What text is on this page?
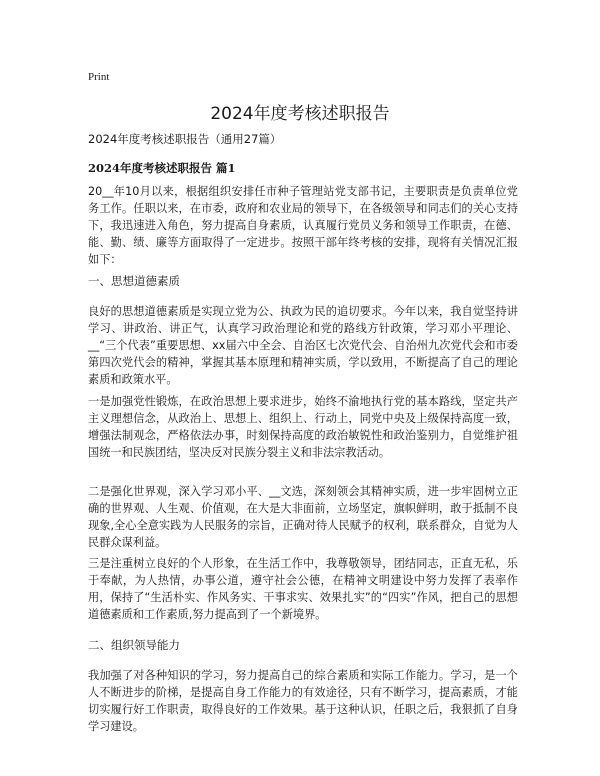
Print
2024年度考核述职报告

2024年度考核述职报告（通用27篇）

2024年度考核述职报告 篇1

20__年10月以来，根据组织安排任市种子管理站党支部书记，主要职责是负责单位党务工作。任职以来，在市委，政府和农业局的领导下，在各级领导和同志们的关心支持下，我迅速进入角色，努力提高自身素质，认真履行党员义务和领导工作职责，在德、能、勤、绩、廉等方面取得了一定进步。按照干部年终考核的安排，现将有关情况汇报如下：

一、思想道德素质

良好的思想道德素质是实现立党为公、执政为民的追切要求。今年以来，我自觉坚持讲学习、讲政治、讲正气，认真学习政治理论和党的路线方针政策，学习邓小平理论、__“三个代表”重要思想、xx届六中全会、自治区七次党代会、自治州九次党代会和市委第四次党代会的精神，掌握其基本原理和精神实质，学以致用，不断提高了自己的理论素质和政策水平。

一是加强党性锻炼，在政治思想上要求进步，始终不渝地执行党的基本路线，坚定共产主义理想信念，从政治上、思想上、组织上、行动上，同党中央及上级保持高度一致，增强法制观念，严格依法办事，时刻保持高度的政治敏锐性和政治鉴别力，自觉维护祖国统一和民族团结，坚决反对民族分裂主义和非法宗教活动。

二是强化世界观，深入学习邓小平、__文选，深刻领会其精神实质，进一步牢固树立正确的世界观、人生观、价值观，在大是大非面前，立场坚定，旗帜鲜明，敢于抵制不良现象,全心全意实践为人民服务的宗旨，正确对待人民赋予的权利，联系群众，自觉为人民群众谋利益。

三是注重树立良好的个人形象，在生活工作中，我尊敬领导，团结同志，正直无私，乐于奉献，为人热情，办事公道，遵守社会公德，在精神文明建设中努力发挥了表率作用，保持了“生活朴实、作风务实、干事求实、效果扎实”的“四实”作风，把自己的思想道德素质和工作素质,努力提高到了一个新境界。

二、组织领导能力

我加强了对各种知识的学习，努力提高自己的综合素质和实际工作能力。学习，是一个人不断进步的阶梯，是提高自身工作能力的有效途径，只有不断学习，提高素质，才能切实履行好工作职责，取得良好的工作效果。基于这种认识，任职之后，我狠抓了自身学习建设。
